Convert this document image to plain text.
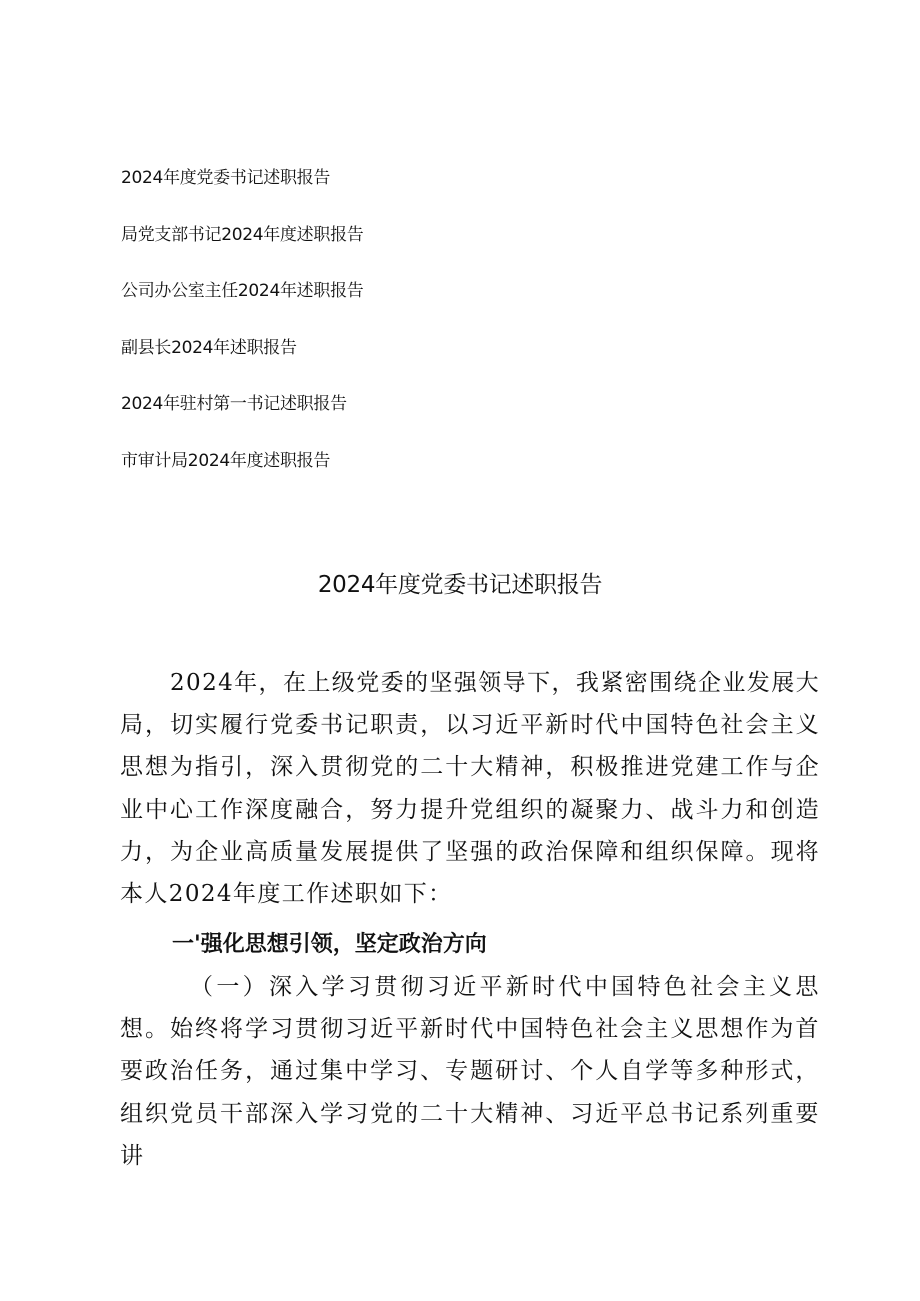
2024年度党委书记述职报告
局党支部书记2024年度述职报告
公司办公室主任2024年述职报告
副县长2024年述职报告
2024年驻村第一书记述职报告
市审计局2024年度述职报告
2024年度党委书记述职报告

2024年，在上级党委的坚强领导下，我紧密围绕企业发展大局，切实履行党委书记职责，以习近平新时代中国特色社会主义思想为指引，深入贯彻党的二十大精神，积极推进党建工作与企业中心工作深度融合，努力提升党组织的凝聚力、战斗力和创造力，为企业高质量发展提供了坚强的政治保障和组织保障。现将本人2024年度工作述职如下：

一'强化思想引领，坚定政治方向

（一）深入学习贯彻习近平新时代中国特色社会主义思想。始终将学习贯彻习近平新时代中国特色社会主义思想作为首要政治任务，通过集中学习、专题研讨、个人自学等多种形式，组织党员干部深入学习党的二十大精神、习近平总书记系列重要讲
